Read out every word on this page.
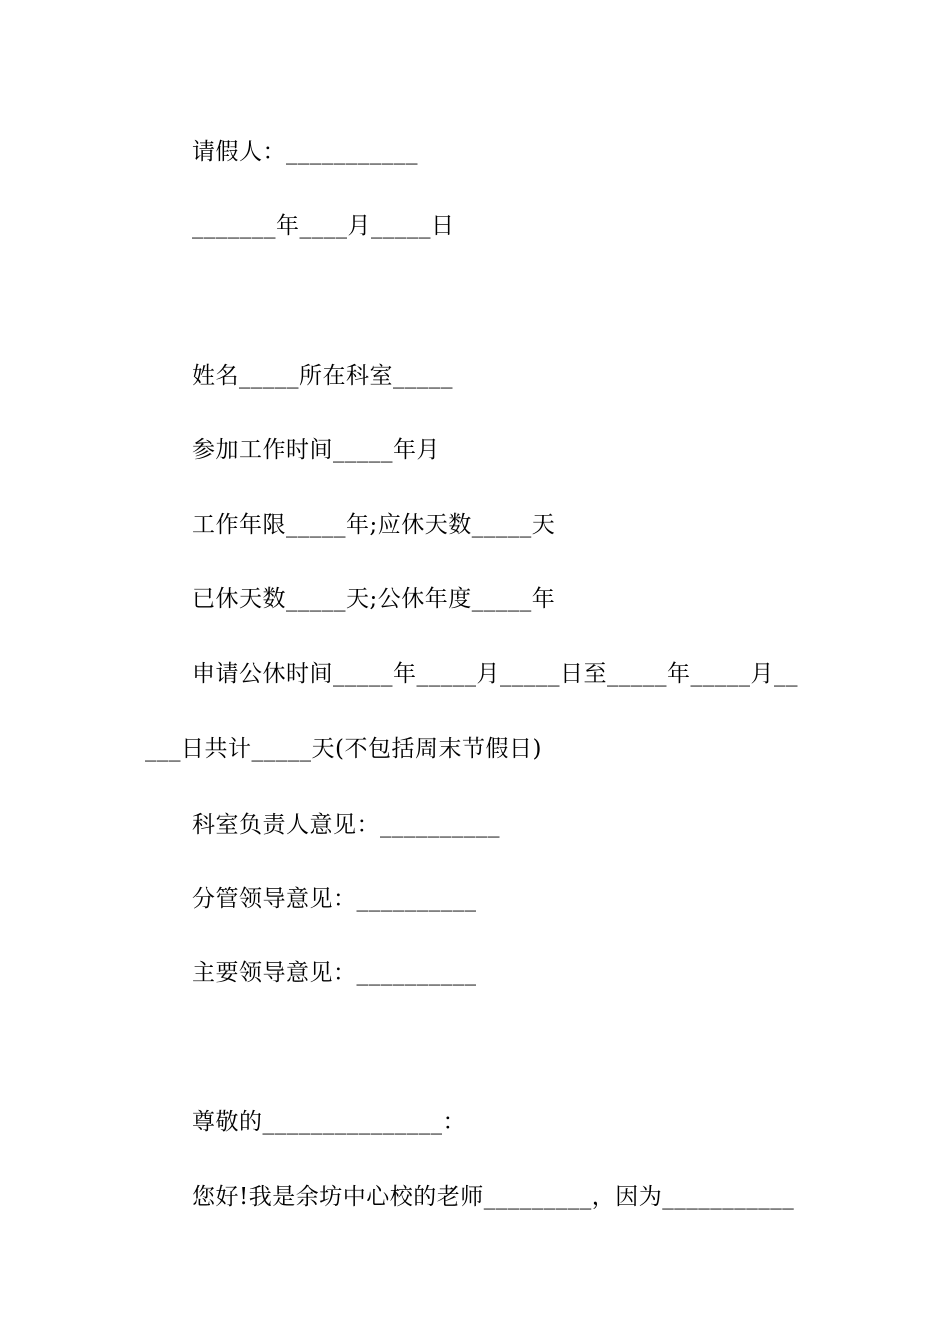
请假人：___________
_______年____月_____日
姓名_____所在科室_____
参加工作时间_____年月
工作年限_____年;应休天数_____天
已休天数_____天;公休年度_____年
申请公休时间_____年_____月_____日至_____年_____月__
___日共计_____天(不包括周末节假日)
科室负责人意见：__________
分管领导意见：__________
主要领导意见：__________
尊敬的_______________：
您好!我是余坊中心校的老师_________，因为___________
